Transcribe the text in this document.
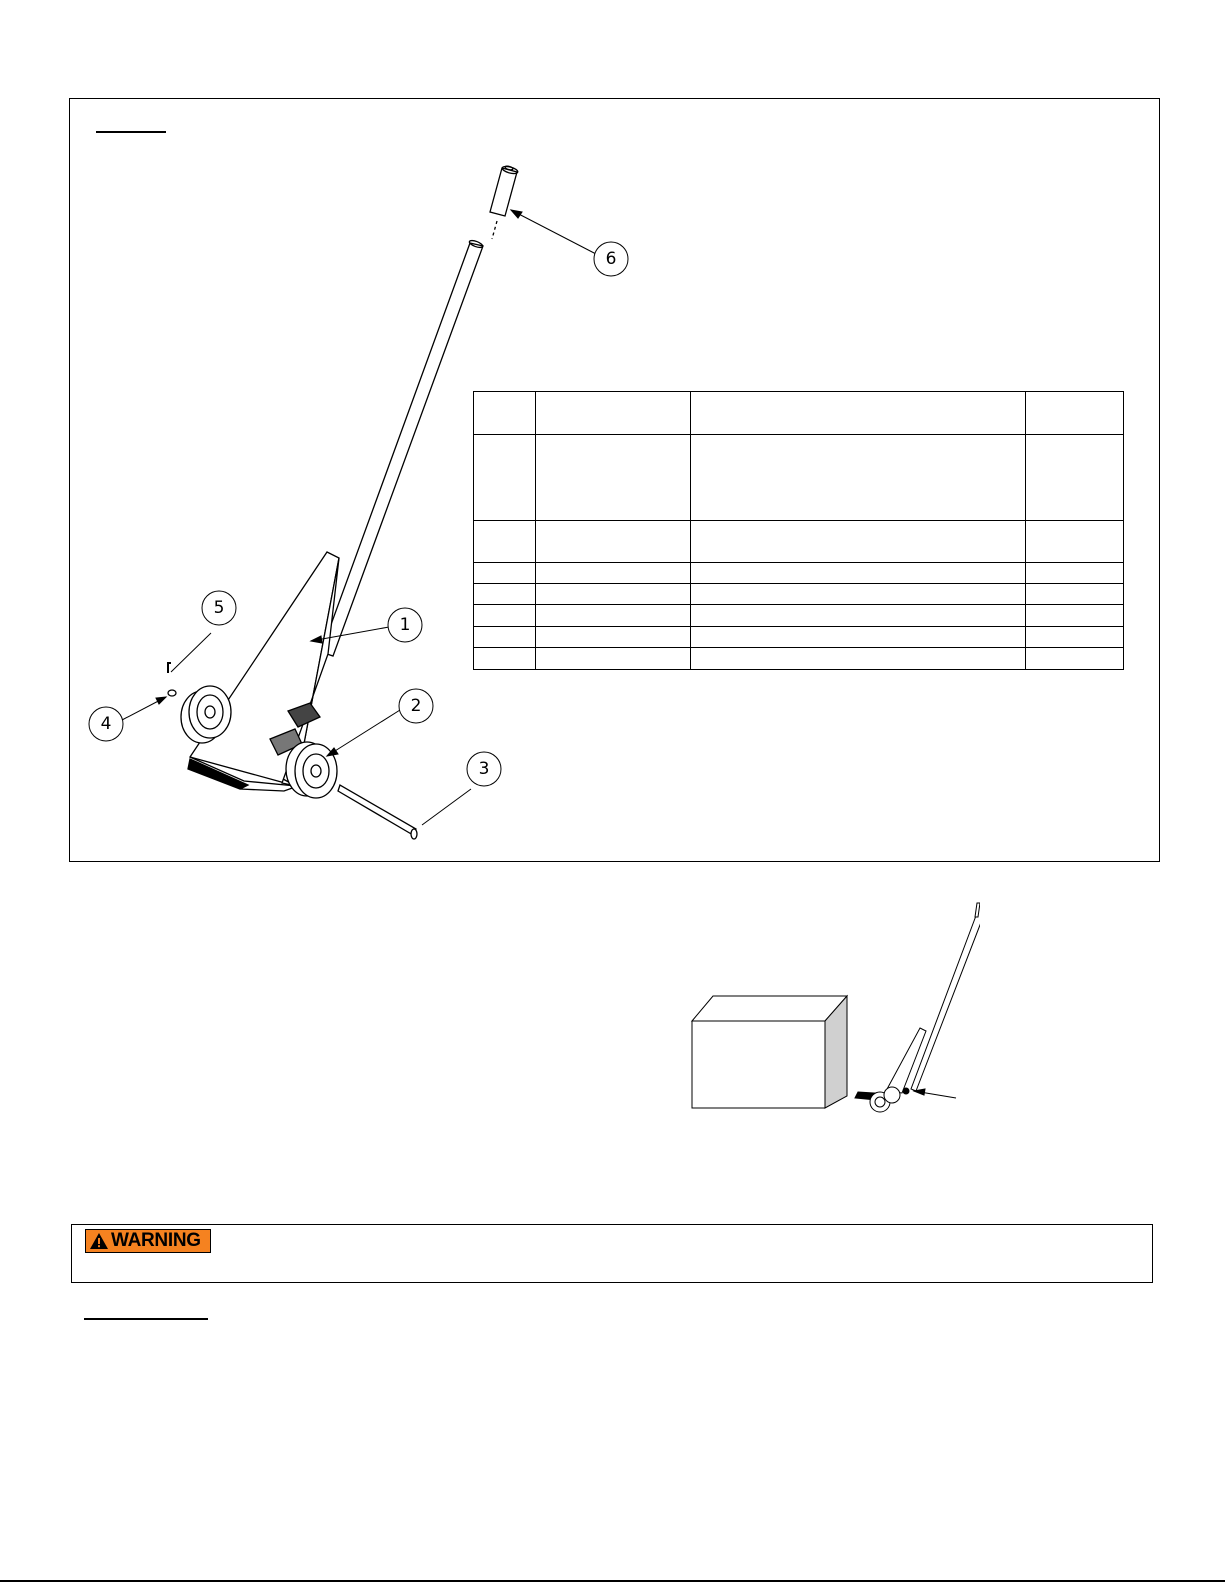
1
2
3
4
5
6

WARNING
